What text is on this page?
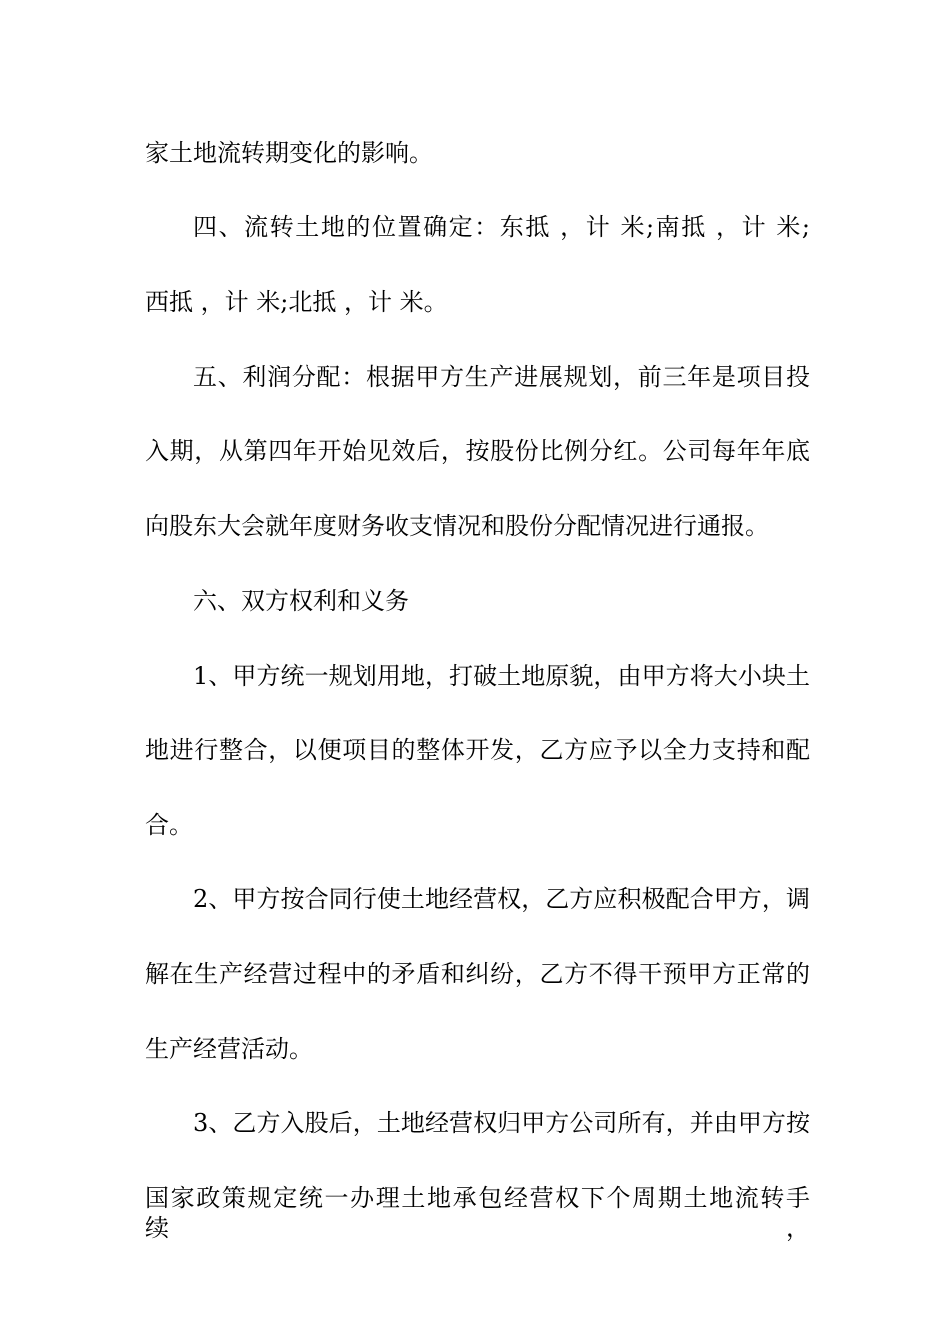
家土地流转期变化的影响。
四、流转土地的位置确定：东抵 ，计 米;南抵 ，计 米;
西抵 ，计 米;北抵 ，计 米。
五、利润分配：根据甲方生产进展规划，前三年是项目投
入期，从第四年开始见效后，按股份比例分红。公司每年年底
向股东大会就年度财务收支情况和股份分配情况进行通报。
六、双方权利和义务
1、甲方统一规划用地，打破土地原貌，由甲方将大小块土
地进行整合，以便项目的整体开发，乙方应予以全力支持和配
合。
2、甲方按合同行使土地经营权，乙方应积极配合甲方，调
解在生产经营过程中的矛盾和纠纷，乙方不得干预甲方正常的
生产经营活动。
3、乙方入股后，土地经营权归甲方公司所有，并由甲方按
国家政策规定统一办理土地承包经营权下个周期土地流转手续，
